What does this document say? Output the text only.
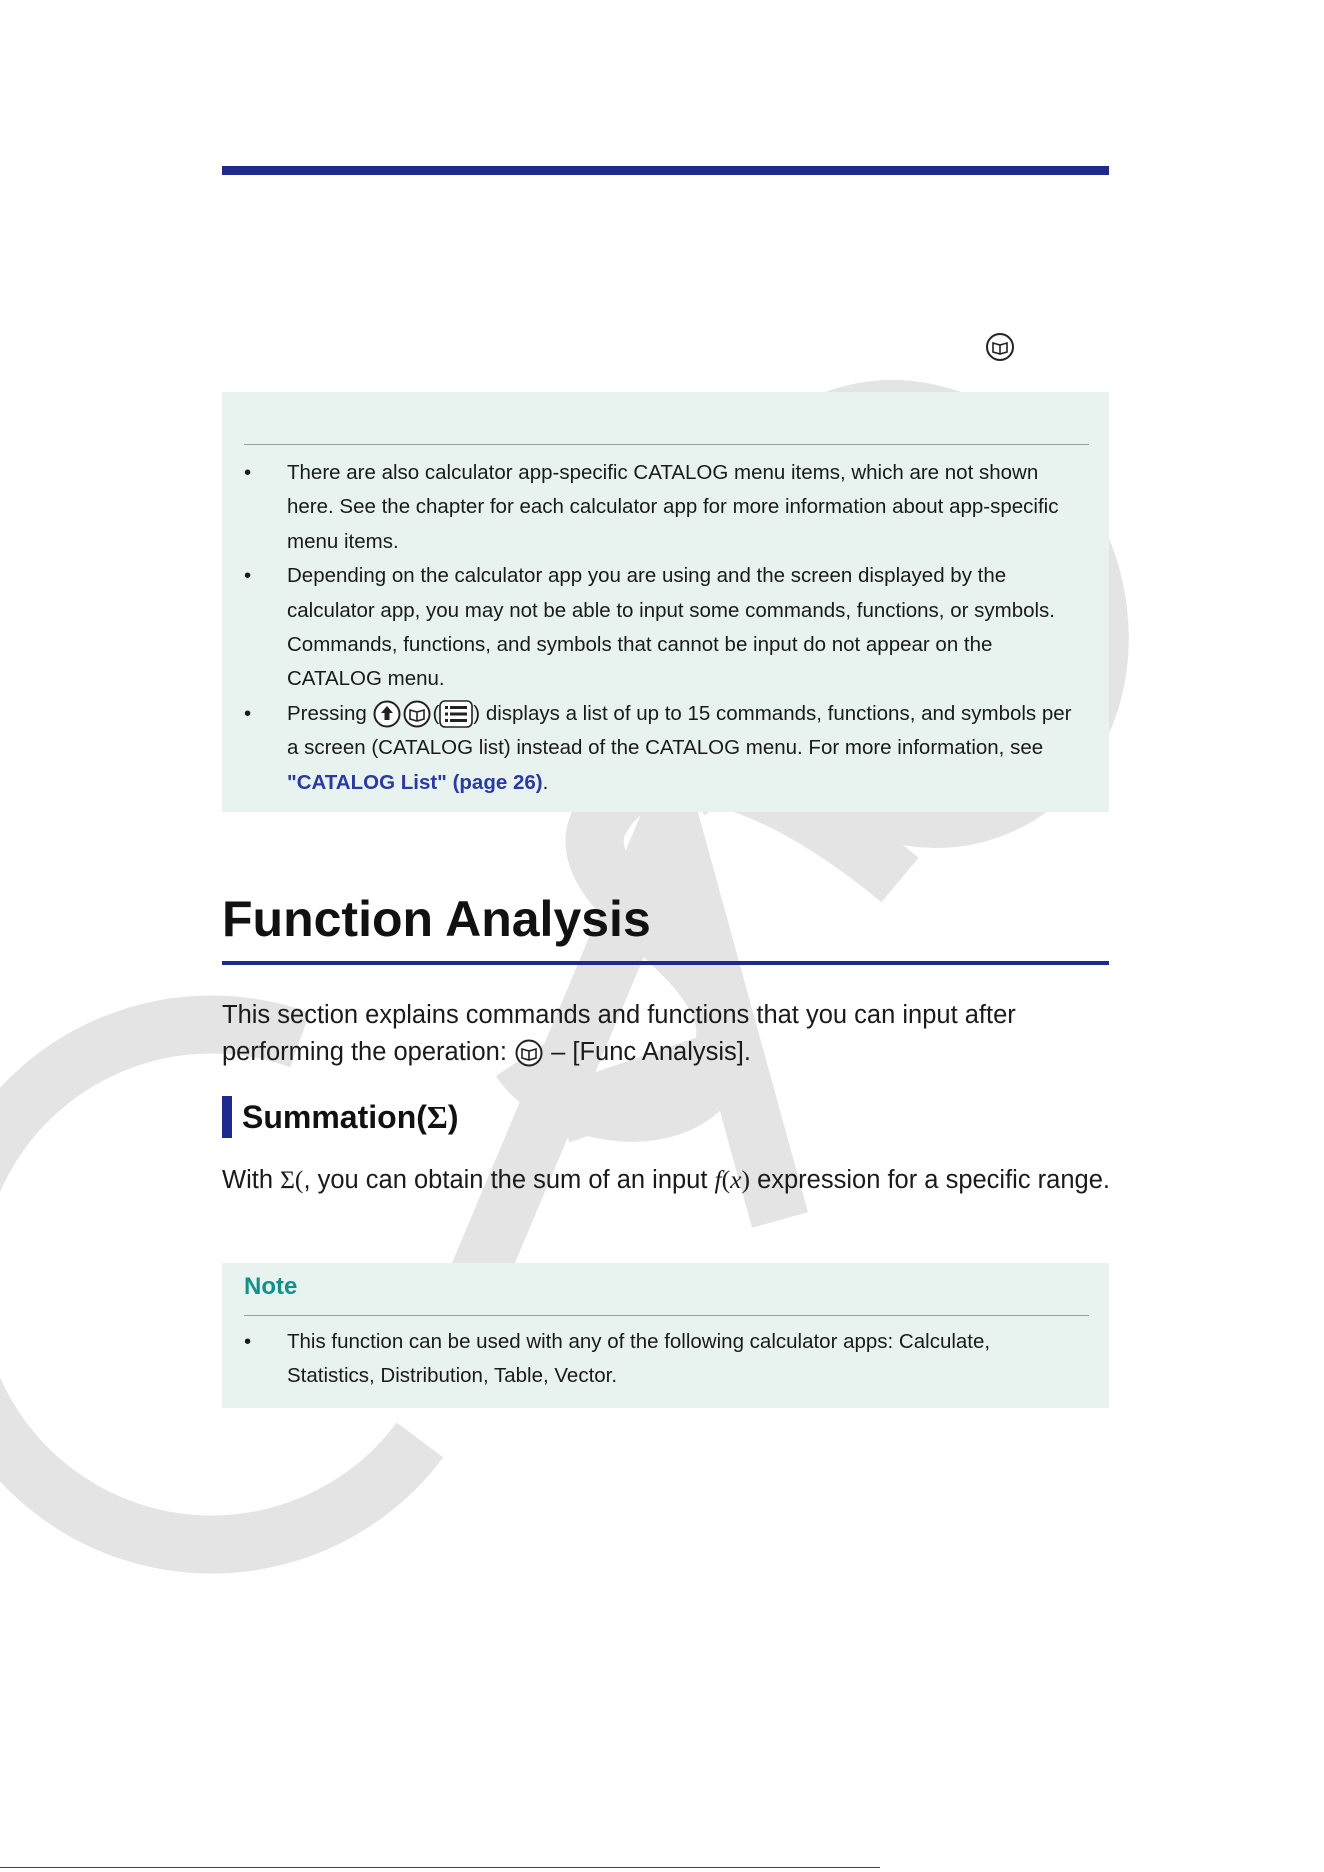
• There are also calculator app-specific CATALOG menu items, which are not shown here. See the chapter for each calculator app for more information about app-specific menu items.
• Depending on the calculator app you are using and the screen displayed by the calculator app, you may not be able to input some commands, functions, or symbols. Commands, functions, and symbols that cannot be input do not appear on the CATALOG menu.
• Pressing	( ) displays a list of up to 15 commands, functions, and symbols per a screen (CATALOG list) instead of the CATALOG menu. For more information, see "CATALOG List" (page 26).
Function Analysis
This section explains commands and functions that you can input after performing the operation: – [Func Analysis].
Summation(Σ)
With Σ(, you can obtain the sum of an input f(x) expression for a specific range.
Note
• This function can be used with any of the following calculator apps: Calculate, Statistics, Distribution, Table, Vector.
